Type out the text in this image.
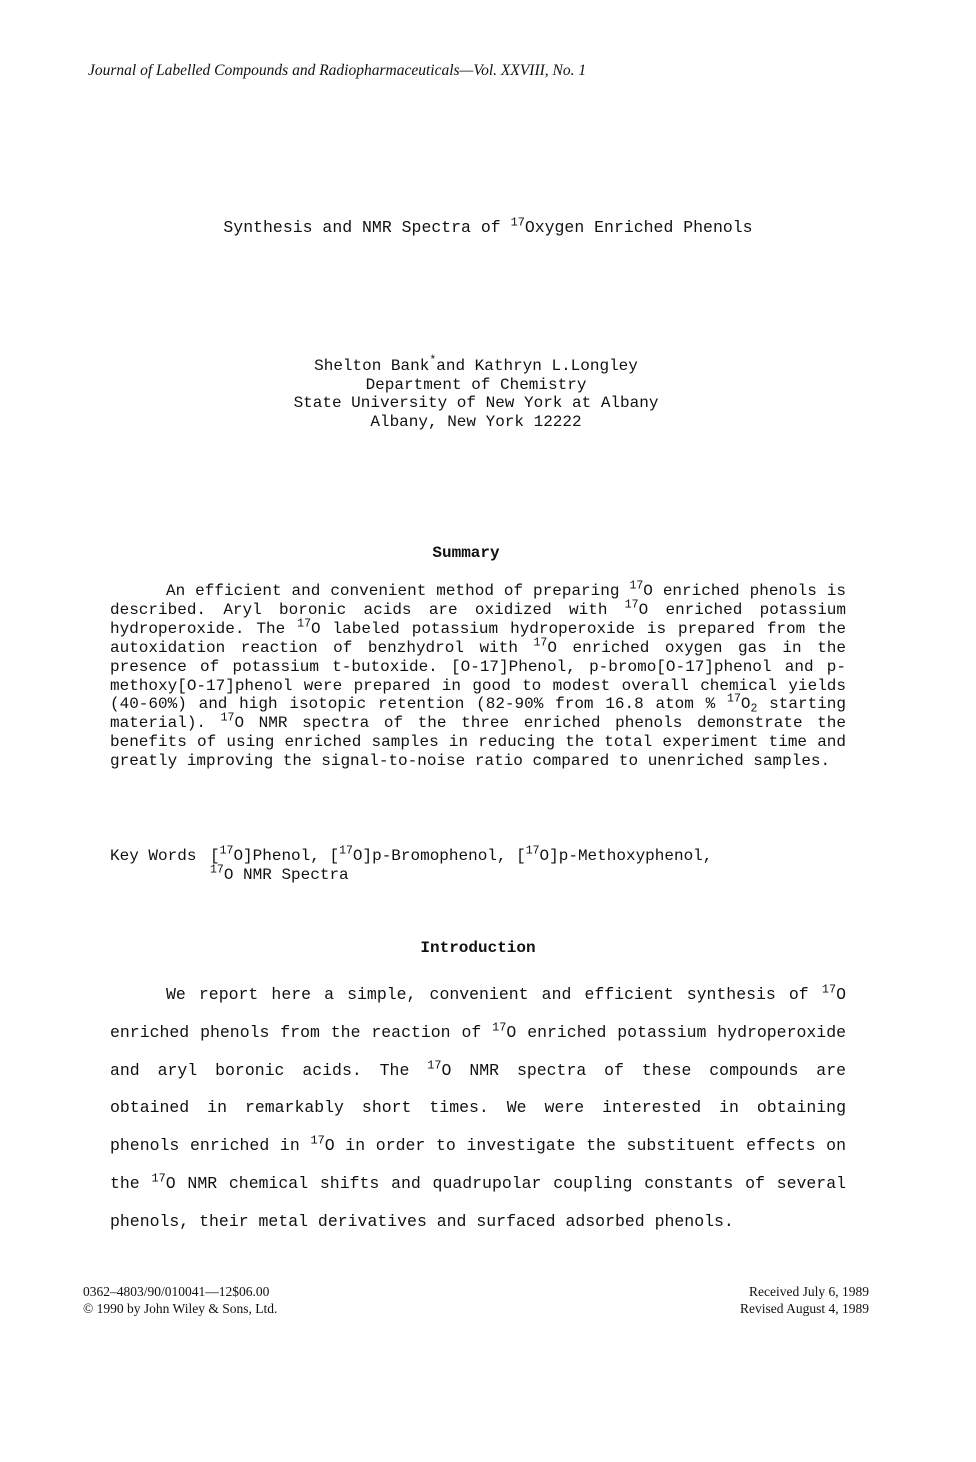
Journal of Labelled Compounds and Radiopharmaceuticals—Vol. XXVIII, No. 1
Synthesis and NMR Spectra of $^{17}$Oxygen Enriched Phenols
Shelton Bank*and Kathryn L.Longley
Department of Chemistry
State University of New York at Albany
Albany, New York 12222
Summary
An efficient and convenient method of preparing $^{17}$O enriched phenols is described. Aryl boronic acids are oxidized with $^{17}$O enriched potassium hydroperoxide. The $^{17}$O labeled potassium hydroperoxide is prepared from the autoxidation reaction of benzhydrol with $^{17}$O enriched oxygen gas in the presence of potassium t-butoxide. [O-17]Phenol, p-bromo[O-17]phenol and p-methoxy[O-17]phenol were prepared in good to modest overall chemical yields (40-60%) and high isotopic retention (82-90% from 16.8 atom % $^{17}O_2$ starting material). $^{17}$O NMR spectra of the three enriched phenols demonstrate the benefits of using enriched samples in reducing the total experiment time and greatly improving the signal-to-noise ratio compared to unenriched samples.
Key Words [$^{17}$O]Phenol, [$^{17}$O]p-Bromophenol, [$^{17}$O]p-Methoxyphenol,
$^{17}$O NMR Spectra
Introduction
We report here a simple, convenient and efficient synthesis of $^{17}$O enriched phenols from the reaction of $^{17}$O enriched potassium hydroperoxide and aryl boronic acids. The $^{17}$O NMR spectra of these compounds are obtained in remarkably short times. We were interested in obtaining phenols enriched in $^{17}$O in order to investigate the substituent effects on the $^{17}$O NMR chemical shifts and quadrupolar coupling constants of several phenols, their metal derivatives and surfaced adsorbed phenols.
0362–4803/90/010041—12$06.00
© 1990 by John Wiley & Sons, Ltd.
Received July 6, 1989
Revised August 4, 1989
